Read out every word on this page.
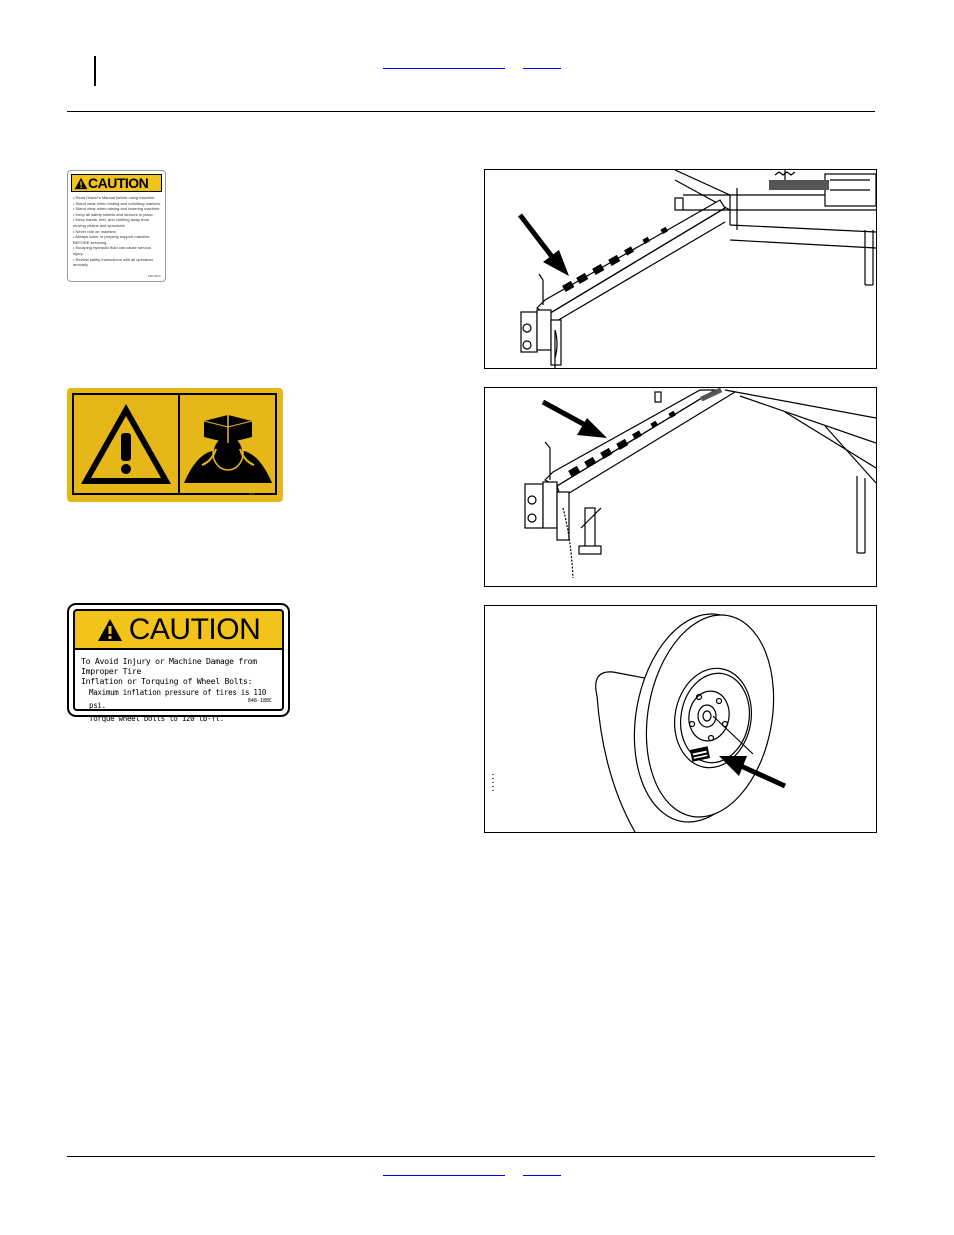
CAUTION
• Read Owner's Manual before using machine.
• Stand clear when folding and unfolding markers.
• Stand clear when raising and lowering machine.
• Keep all safety shields and devices in place.
• Keep hands, feet, and clothing away from moving chains and sprockets.
• Never ride on machine.
• Always lower or properly support machine BEFORE servicing.
• Escaping hydraulic fluid can cause serious injury.
• Review safety instructions with all operators annually.
818-055C
818-
CAUTION
To Avoid Injury or Machine Damage from Improper Tire
Inflation or Torquing of Wheel Bolts:
Maximum inflation pressure of tires is 110 psi.
Torque wheel bolts to 120 lb-ft.
848-188C
